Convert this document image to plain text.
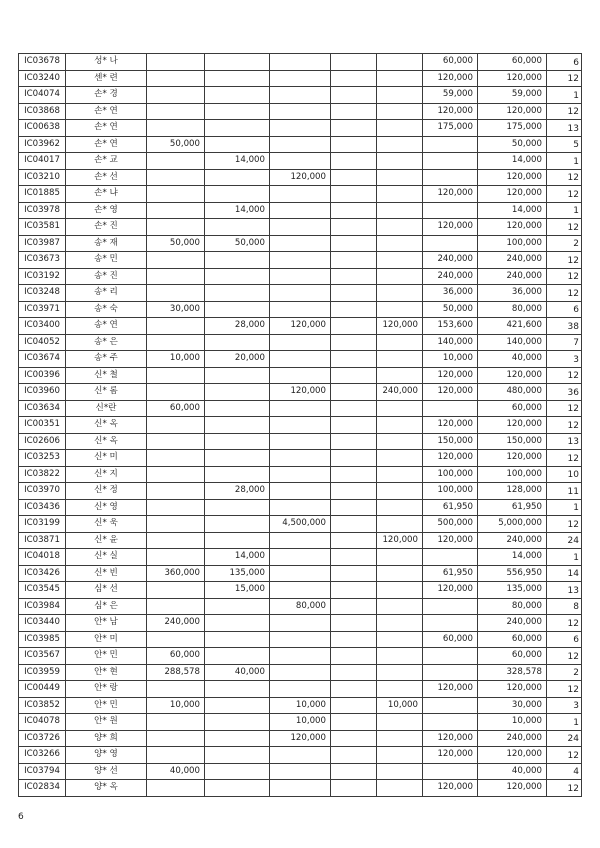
IC03678	성* 나						60,000	60,000	6
IC03240	센* 련						120,000	120,000	12
IC04074	손* 경						59,000	59,000	1
IC03868	손* 연						120,000	120,000	12
IC00638	손* 연						175,000	175,000	13
IC03962	손* 연	50,000						50,000	5
IC04017	손* 교		14,000					14,000	1
IC03210	손* 선			120,000				120,000	12
IC01885	손* 냐						120,000	120,000	12
IC03978	손* 영		14,000					14,000	1
IC03581	손* 진						120,000	120,000	12
IC03987	송* 재	50,000	50,000					100,000	2
IC03673	송* 민						240,000	240,000	12
IC03192	송* 진						240,000	240,000	12
IC03248	송* 리						36,000	36,000	12
IC03971	송* 숙	30,000					50,000	80,000	6
IC03400	송* 연		28,000	120,000		120,000	153,600	421,600	38
IC04052	송* 은						140,000	140,000	7
IC03674	송* 주	10,000	20,000				10,000	40,000	3
IC00396	신* 철						120,000	120,000	12
IC03960	신* 롬			120,000		240,000	120,000	480,000	36
IC03634	신*란	60,000						60,000	12
IC00351	신* 옥						120,000	120,000	12
IC02606	신* 옥						150,000	150,000	13
IC03253	신* 미						120,000	120,000	12
IC03822	신* 지						100,000	100,000	10
IC03970	신* 정		28,000				100,000	128,000	11
IC03436	신* 영						61,950	61,950	1
IC03199	신* 욱			4,500,000			500,000	5,000,000	12
IC03871	신* 윤					120,000	120,000	240,000	24
IC04018	신* 실		14,000					14,000	1
IC03426	신* 빈	360,000	135,000				61,950	556,950	14
IC03545	심* 선		15,000				120,000	135,000	13
IC03984	심* 은			80,000				80,000	8
IC03440	안* 남	240,000						240,000	12
IC03985	안* 미						60,000	60,000	6
IC03567	안* 민	60,000						60,000	12
IC03959	안* 현	288,578	40,000					328,578	2
IC00449	안* 랑						120,000	120,000	12
IC03852	안* 민	10,000		10,000		10,000		30,000	3
IC04078	안* 원			10,000				10,000	1
IC03726	양* 희			120,000			120,000	240,000	24
IC03266	양* 영						120,000	120,000	12
IC03794	양* 선	40,000						40,000	4
IC02834	양* 옥						120,000	120,000	12
6
